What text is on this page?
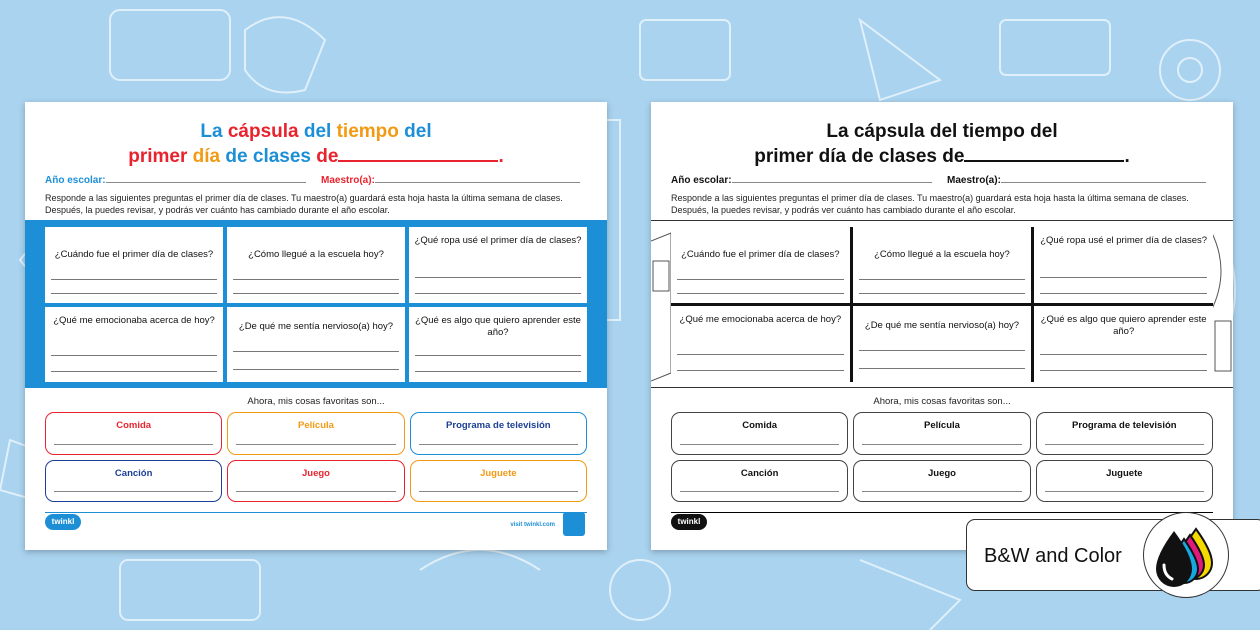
La cápsula del tiempo del
primer día de clases de	.
Año escolar:	Maestro(a):
Responde a las siguientes preguntas el primer día de clases. Tu maestro(a) guardará esta hoja hasta la última semana de clases. Después, la puedes revisar, y podrás ver cuánto has cambiado durante el año escolar.
¿Cuándo fue el primer día de clases?	¿Cómo llegué a la escuela hoy?
¿Qué ropa usé el primer día de clases?
¿Qué me emocionaba acerca de hoy?
¿De qué me sentía nervioso(a) hoy?
¿Qué es algo que quiero aprender este año?
Ahora, mis cosas favoritas son...
Comida	Película	Programa de televisión
Canción	Juego	Juguete
twinkl	visit twinkl.com
La cápsula del tiempo del
primer día de clases de	.
Año escolar:	Maestro(a):
Responde a las siguientes preguntas el primer día de clases. Tu maestro(a) guardará esta hoja hasta la última semana de clases. Después, la puedes revisar, y podrás ver cuánto has cambiado durante el año escolar.
¿Cuándo fue el primer día de clases?	¿Cómo llegué a la escuela hoy?
¿Qué ropa usé el primer día de clases?
¿Qué me emocionaba acerca de hoy?
¿De qué me sentía nervioso(a) hoy?
¿Qué es algo que quiero aprender este año?
Ahora, mis cosas favoritas son...
Comida	Película	Programa de televisión
Canción	Juego	Juguete
twinkl
B&W and Color
